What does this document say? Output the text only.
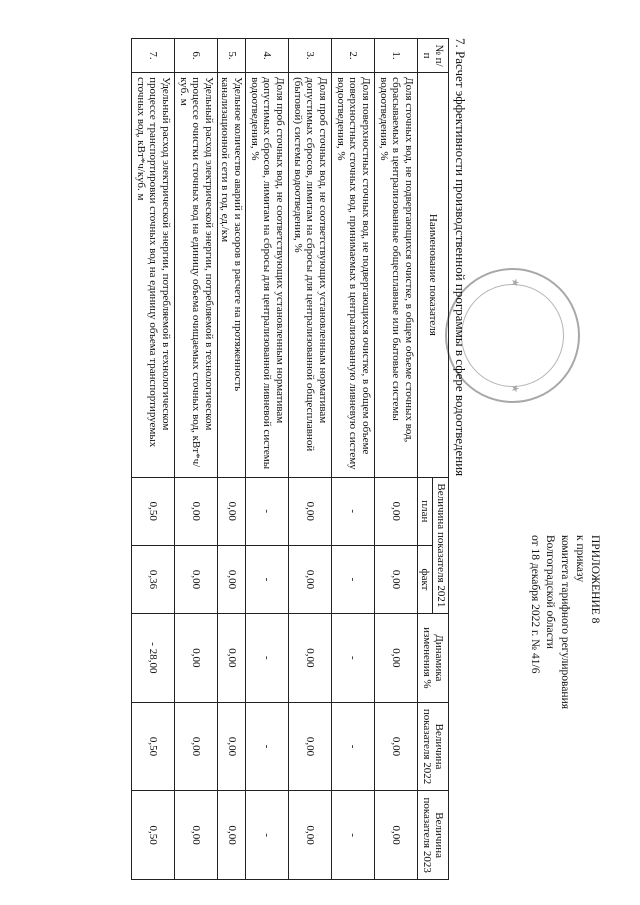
★
★
ПРИЛОЖЕНИЕ 8
к приказу
комитета тарифного регулирования
Волгоградской области
от 18 декабря 2022 г. № 41/6
7. Расчет эффективности производственной программы в сфере водоотведения
№ п/п	Наименование показателя	Величина показателя 2021		Динамика изменения %	Величина показателя 2022	Величина показателя 2023
		план	факт			
1.	Доля сточных вод, не подвергающихся очистке, в общем объеме сточных вод, сбрасываемых в централизованные общесплавные или бытовые системы водоотведения, %	0,00	0,00	0,00	0,00	0,00
2.	Доля поверхностных сточных вод, не подвергающихся очистке, в общем объеме поверхностных сточных вод, принимаемых в централизованную ливневую систему водоотведения, %	-	-	-	-	-
3.	Доля проб сточных вод, не соответствующих установленным нормативам допустимых сбросов, лимитам на сбросы для централизованной общесплавной (бытовой) системы водоотведения, %	0,00	0,00	0,00	0,00	0,00
4.	Доля проб сточных вод, не соответствующих установленным нормативам допустимых сбросов, лимитам на сбросы для централизованной ливневой системы водоотведения, %	-	-	-	-	-
5.	Удельное количество аварий и засоров в расчете на протяженность канализационной сети в год, ед./км	0,00	0,00	0,00	0,00	0,00
6.	Удельный расход электрической энергии, потребляемой в технологическом процессе очистки сточных вод на единицу объема очищаемых сточных вод, кВт*ч/куб. м	0,00	0,00	0,00	0,00	0,00
7.	Удельный расход электрической энергии, потребляемой в технологическом процессе транспортировки сточных вод на единицу объема транспортируемых сточных вод, кВт*ч/куб. м	0,50	0,36	- 28,00	0,50	0,50
